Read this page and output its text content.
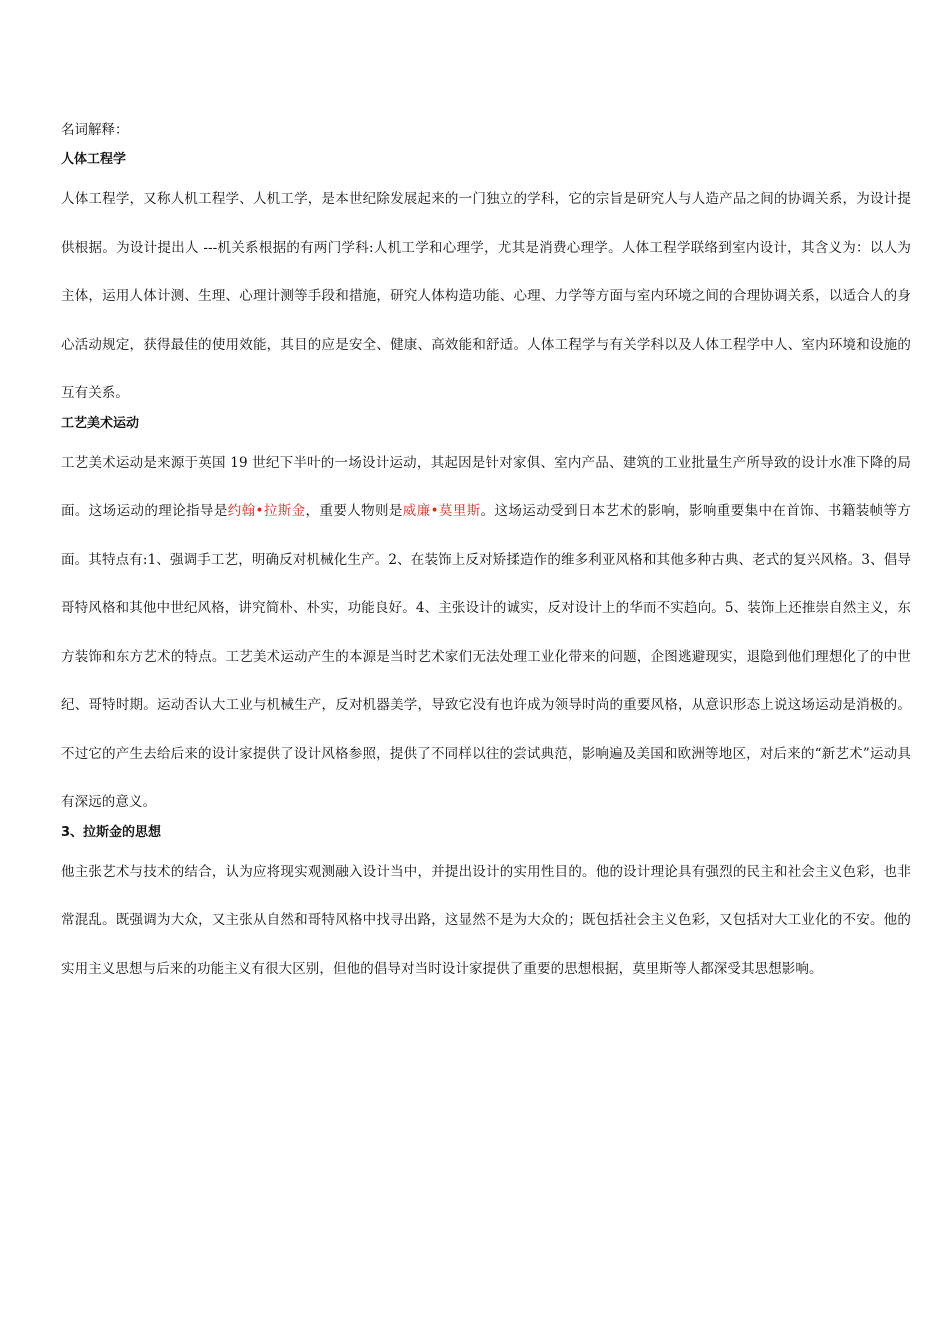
名词解释：

人体工程学

人体工程学，又称人机工程学、人机工学，是本世纪除发展起来的一门独立的学科，它的宗旨是研究人与人造产品之间的协调关系，为设计提供根据。为设计提出人 ---机关系根据的有两门学科:人机工学和心理学，尤其是消费心理学。人体工程学联络到室内设计，其含义为：以人为主体，运用人体计测、生理、心理计测等手段和措施，研究人体构造功能、心理、力学等方面与室内环境之间的合理协调关系，以适合人的身心活动规定，获得最佳的使用效能，其目的应是安全、健康、高效能和舒适。人体工程学与有关学科以及人体工程学中人、室内环境和设施的互有关系。

工艺美术运动

工艺美术运动是来源于英国 19 世纪下半叶的一场设计运动，其起因是针对家俱、室内产品、建筑的工业批量生产所导致的设计水准下降的局面。这场运动的理论指导是约翰•拉斯金，重要人物则是威廉•莫里斯。这场运动受到日本艺术的影响，影响重要集中在首饰、书籍装帧等方面。其特点有:1、强调手工艺，明确反对机械化生产。2、在装饰上反对矫揉造作的维多利亚风格和其他多种古典、老式的复兴风格。3、倡导哥特风格和其他中世纪风格，讲究简朴、朴实，功能良好。4、主张设计的诚实，反对设计上的华而不实趋向。5、装饰上还推崇自然主义，东方装饰和东方艺术的特点。工艺美术运动产生的本源是当时艺术家们无法处理工业化带来的问题，企图逃避现实，退隐到他们理想化了的中世纪、哥特时期。运动否认大工业与机械生产，反对机器美学，导致它没有也许成为领导时尚的重要风格，从意识形态上说这场运动是消极的。不过它的产生去给后来的设计家提供了设计风格参照，提供了不同样以往的尝试典范，影响遍及美国和欧洲等地区，对后来的“新艺术”运动具有深远的意义。

3、拉斯金的思想

他主张艺术与技术的结合，认为应将现实观测融入设计当中，并提出设计的实用性目的。他的设计理论具有强烈的民主和社会主义色彩，也非常混乱。既强调为大众，又主张从自然和哥特风格中找寻出路，这显然不是为大众的；既包括社会主义色彩，又包括对大工业化的不安。他的实用主义思想与后来的功能主义有很大区别，但他的倡导对当时设计家提供了重要的思想根据，莫里斯等人都深受其思想影响。
